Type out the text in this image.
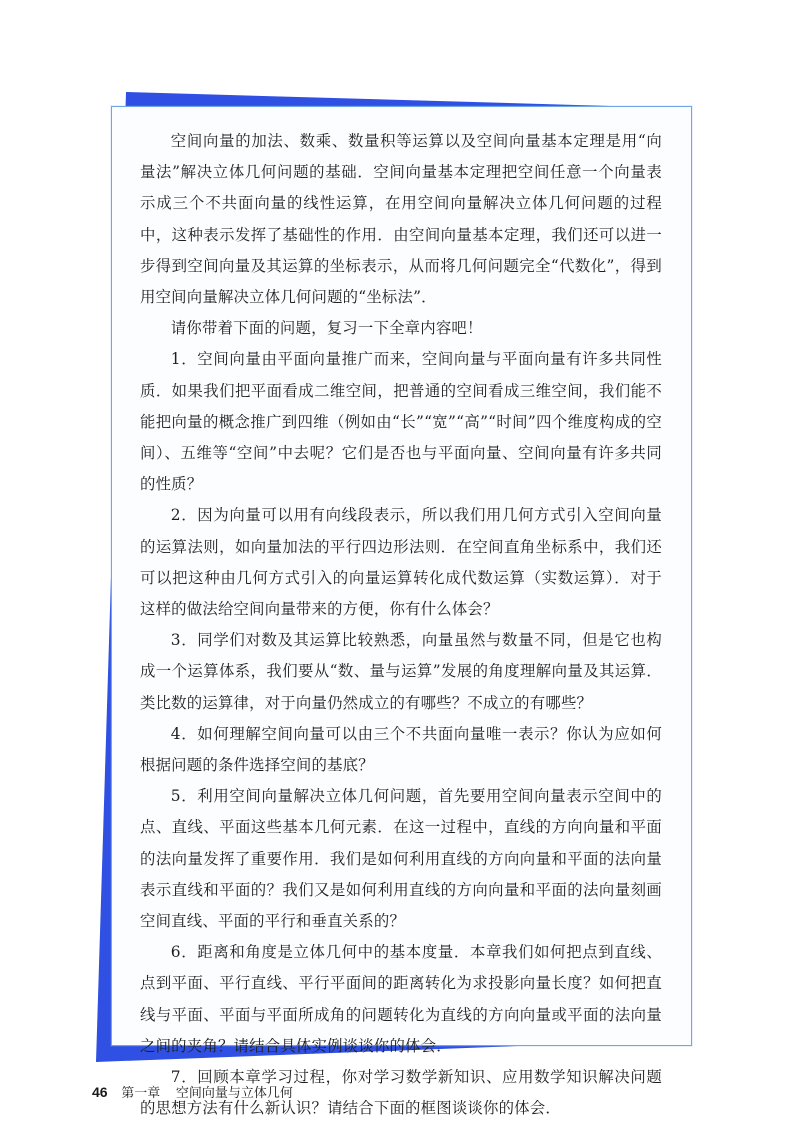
空间向量的加法、数乘、数量积等运算以及空间向量基本定理是用“向量法”解决立体几何问题的基础．空间向量基本定理把空间任意一个向量表示成三个不共面向量的线性运算，在用空间向量解决立体几何问题的过程中，这种表示发挥了基础性的作用．由空间向量基本定理，我们还可以进一步得到空间向量及其运算的坐标表示，从而将几何问题完全“代数化”，得到用空间向量解决立体几何问题的“坐标法”．

请你带着下面的问题，复习一下全章内容吧！

1．空间向量由平面向量推广而来，空间向量与平面向量有许多共同性质．如果我们把平面看成二维空间，把普通的空间看成三维空间，我们能不能把向量的概念推广到四维（例如由“长”“宽”“高”“时间”四个维度构成的空间）、五维等“空间”中去呢？它们是否也与平面向量、空间向量有许多共同的性质？

2．因为向量可以用有向线段表示，所以我们用几何方式引入空间向量的运算法则，如向量加法的平行四边形法则．在空间直角坐标系中，我们还可以把这种由几何方式引入的向量运算转化成代数运算（实数运算）．对于这样的做法给空间向量带来的方便，你有什么体会？

3．同学们对数及其运算比较熟悉，向量虽然与数量不同，但是它也构成一个运算体系，我们要从“数、量与运算”发展的角度理解向量及其运算．类比数的运算律，对于向量仍然成立的有哪些？不成立的有哪些？

4．如何理解空间向量可以由三个不共面向量唯一表示？你认为应如何根据问题的条件选择空间的基底？

5．利用空间向量解决立体几何问题，首先要用空间向量表示空间中的点、直线、平面这些基本几何元素．在这一过程中，直线的方向向量和平面的法向量发挥了重要作用．我们是如何利用直线的方向向量和平面的法向量表示直线和平面的？我们又是如何利用直线的方向向量和平面的法向量刻画空间直线、平面的平行和垂直关系的？

6．距离和角度是立体几何中的基本度量．本章我们如何把点到直线、点到平面、平行直线、平行平面间的距离转化为求投影向量长度？如何把直线与平面、平面与平面所成角的问题转化为直线的方向向量或平面的法向量之间的夹角？请结合具体实例谈谈你的体会．

7．回顾本章学习过程，你对学习数学新知识、应用数学知识解决问题的思想方法有什么新认识？请结合下面的框图谈谈你的体会．

46 第一章 空间向量与立体几何
